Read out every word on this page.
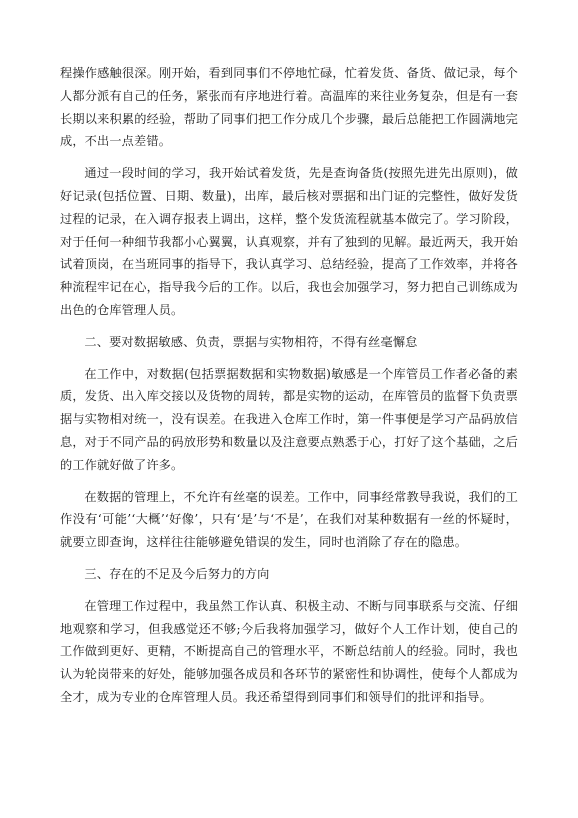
程操作感触很深。刚开始，看到同事们不停地忙碌，忙着发货、备货、做记录，每个人都分派有自己的任务，紧张而有序地进行着。高温库的来往业务复杂，但是有一套长期以来积累的经验，帮助了同事们把工作分成几个步骤，最后总能把工作圆满地完成，不出一点差错。

通过一段时间的学习，我开始试着发货，先是查询备货(按照先进先出原则)，做好记录(包括位置、日期、数量)，出库，最后核对票据和出门证的完整性，做好发货过程的记录，在入调存报表上调出，这样，整个发货流程就基本做完了。学习阶段，对于任何一种细节我都小心翼翼，认真观察，并有了独到的见解。最近两天，我开始试着顶岗，在当班同事的指导下，我认真学习、总结经验，提高了工作效率，并将各种流程牢记在心，指导我今后的工作。以后，我也会加强学习，努力把自己训练成为出色的仓库管理人员。

二、要对数据敏感、负责，票据与实物相符，不得有丝毫懈怠

在工作中，对数据(包括票据数据和实物数据)敏感是一个库管员工作者必备的素质，发货、出入库交接以及货物的周转，都是实物的运动，在库管员的监督下负责票据与实物相对统一，没有误差。在我进入仓库工作时，第一件事便是学习产品码放信息，对于不同产品的码放形势和数量以及注意要点熟悉于心，打好了这个基础，之后的工作就好做了许多。

在数据的管理上，不允许有丝毫的误差。工作中，同事经常教导我说，我们的工作没有‘可能’‘大概’‘好像’，只有‘是’与‘不是’，在我们对某种数据有一丝的怀疑时，就要立即查询，这样往往能够避免错误的发生，同时也消除了存在的隐患。

三、存在的不足及今后努力的方向

在管理工作过程中，我虽然工作认真、积极主动、不断与同事联系与交流、仔细地观察和学习，但我感觉还不够;今后我将加强学习，做好个人工作计划，使自己的工作做到更好、更精，不断提高自己的管理水平，不断总结前人的经验。同时，我也认为轮岗带来的好处，能够加强各成员和各环节的紧密性和协调性，使每个人都成为全才，成为专业的仓库管理人员。我还希望得到同事们和领导们的批评和指导。
